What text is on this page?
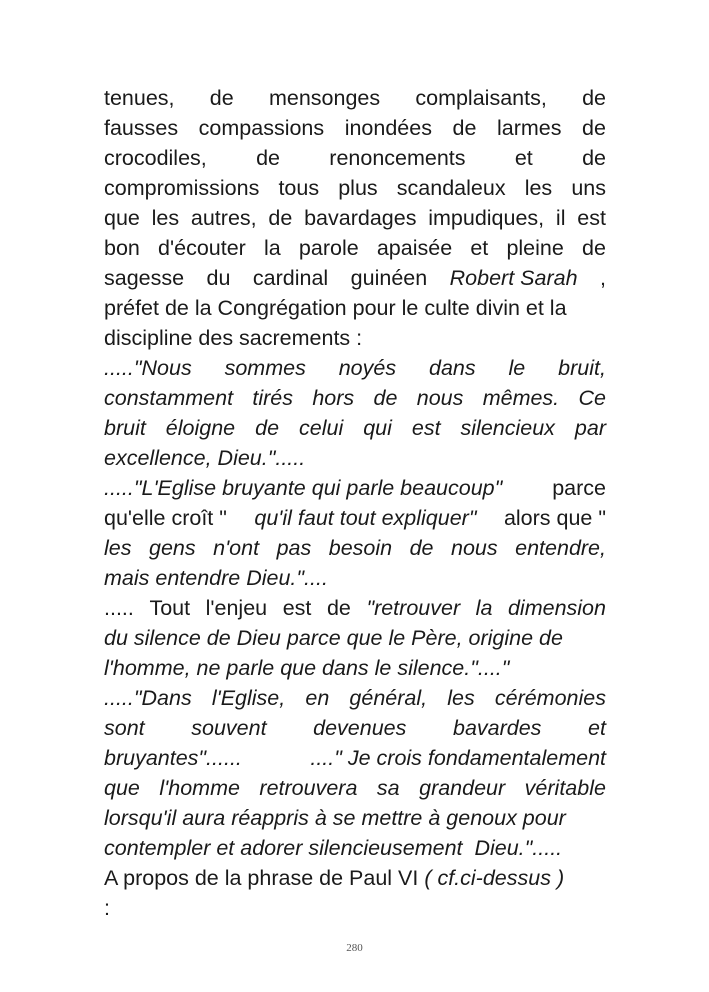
tenues, de mensonges complaisants, de
fausses compassions inondées de larmes de
crocodiles, de renoncements et de
compromissions tous plus scandaleux les uns
que les autres, de bavardages impudiques, il est
bon d'écouter la parole apaisée et pleine de
sagesse du cardinal guinéen Robert Sarah ,
préfet de la Congrégation pour le culte divin et la
discipline des sacrements :
....."Nous sommes noyés dans le bruit,
constamment tirés hors de nous mêmes. Ce
bruit éloigne de celui qui est silencieux par
excellence, Dieu.".....
....."L'Eglise bruyante qui parle beaucoup" parce
qu'elle croît " qu'il faut tout expliquer" alors que "
les gens n'ont pas besoin de nous entendre,
mais entendre Dieu."....
..... Tout l'enjeu est de "retrouver la dimension
du silence de Dieu parce que le Père, origine de
l'homme, ne parle que dans le silence."...."
....."Dans l'Eglise, en général, les cérémonies
sont souvent devenues bavardes et
bruyantes"......	...." Je crois fondamentalement
que l'homme retrouvera sa grandeur véritable
lorsqu'il aura réappris à se mettre à genoux pour
contempler et adorer silencieusement  Dieu.".....
A propos de la phrase de Paul VI ( cf.ci-dessus )
:
280
